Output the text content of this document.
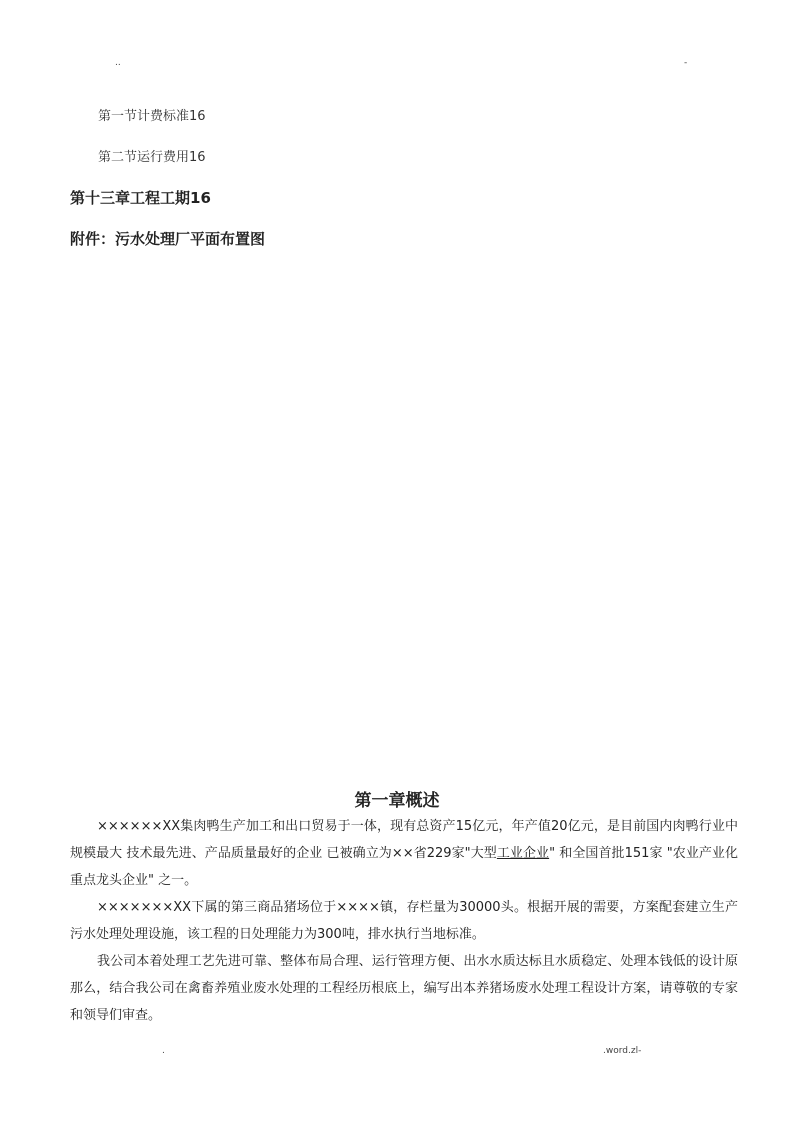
..	-
第一节计费标准16
第二节运行费用16
第十三章工程工期16
附件：污水处理厂平面布置图
第一章概述
××××××XX集肉鸭生产加工和出口贸易于一体，现有总资产15亿元，年产值20亿元，是目前国内肉鸭行业中规模最大 技术最先进、产品质量最好的企业 已被确立为××省229家"大型工业企业" 和全国首批151家 "农业产业化重点龙头企业" 之一。
×××××××XX下属的第三商品猪场位于××××镇，存栏量为30000头。根据开展的需要，方案配套建立生产污水处理处理设施，该工程的日处理能力为300吨，排水执行当地标准。
我公司本着处理工艺先进可靠、整体布局合理、运行管理方便、出水水质达标且水质稳定、处理本钱低的设计原那么，结合我公司在禽畜养殖业废水处理的工程经历根底上，编写出本养猪场废水处理工程设计方案，请尊敬的专家和领导们审查。
.	.word.zl-
